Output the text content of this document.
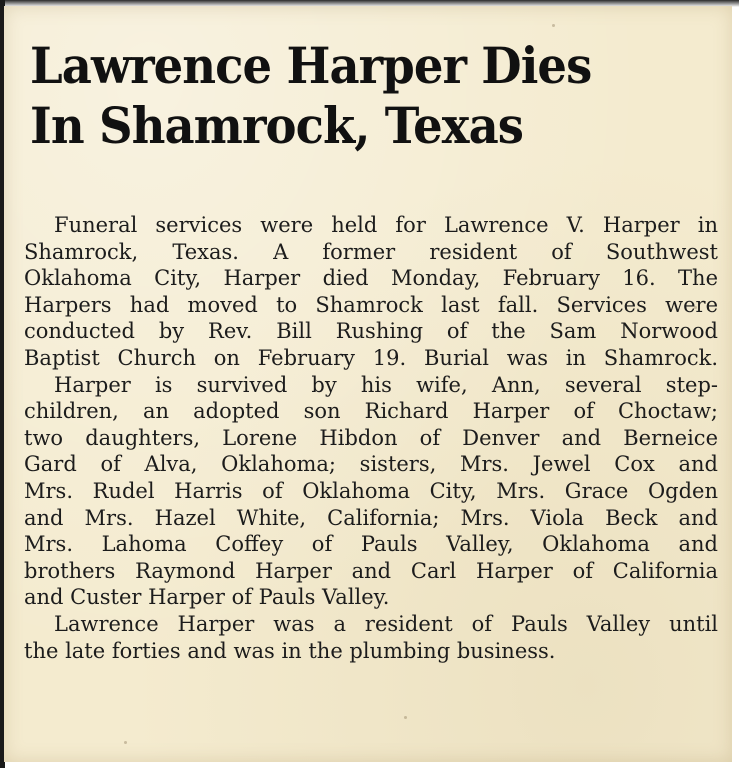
Lawrence Harper Dies
In Shamrock, Texas
Funeral services were held for Lawrence V. Harper in
Shamrock, Texas. A former resident of Southwest
Oklahoma City, Harper died Monday, February 16. The
Harpers had moved to Shamrock last fall. Services were
conducted by Rev. Bill Rushing of the Sam Norwood
Baptist Church on February 19. Burial was in Shamrock.
Harper is survived by his wife, Ann, several step-
children, an adopted son Richard Harper of Choctaw;
two daughters, Lorene Hibdon of Denver and Berneice
Gard of Alva, Oklahoma; sisters, Mrs. Jewel Cox and
Mrs. Rudel Harris of Oklahoma City, Mrs. Grace Ogden
and Mrs. Hazel White, California; Mrs. Viola Beck and
Mrs. Lahoma Coffey of Pauls Valley, Oklahoma and
brothers Raymond Harper and Carl Harper of California
and Custer Harper of Pauls Valley.
Lawrence Harper was a resident of Pauls Valley until
the late forties and was in the plumbing business.
